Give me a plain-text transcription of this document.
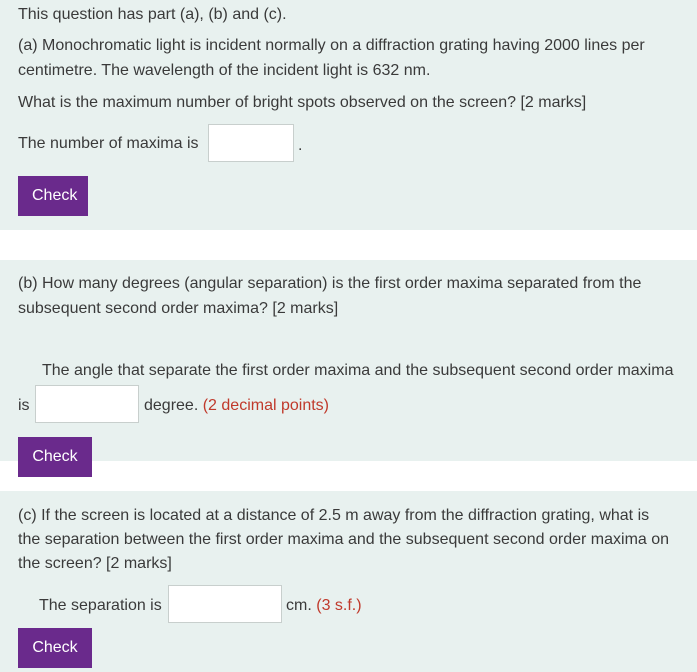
This question has part (a), (b) and (c).
(a) Monochromatic light is incident normally on a diffraction grating having 2000 lines per
centimetre. The wavelength of the incident light is 632 nm.
What is the maximum number of bright spots observed on the screen? [2 marks]
The number of maxima is	.
Check
(b) How many degrees (angular separation) is the first order maxima separated from the
subsequent second order maxima? [2 marks]
The angle that separate the first order maxima and the subsequent second order maxima
is	degree. (2 decimal points)
Check
(c) If the screen is located at a distance of 2.5 m away from the diffraction grating, what is
the separation between the first order maxima and the subsequent second order maxima on
the screen? [2 marks]
The separation is	cm. (3 s.f.)
Check
